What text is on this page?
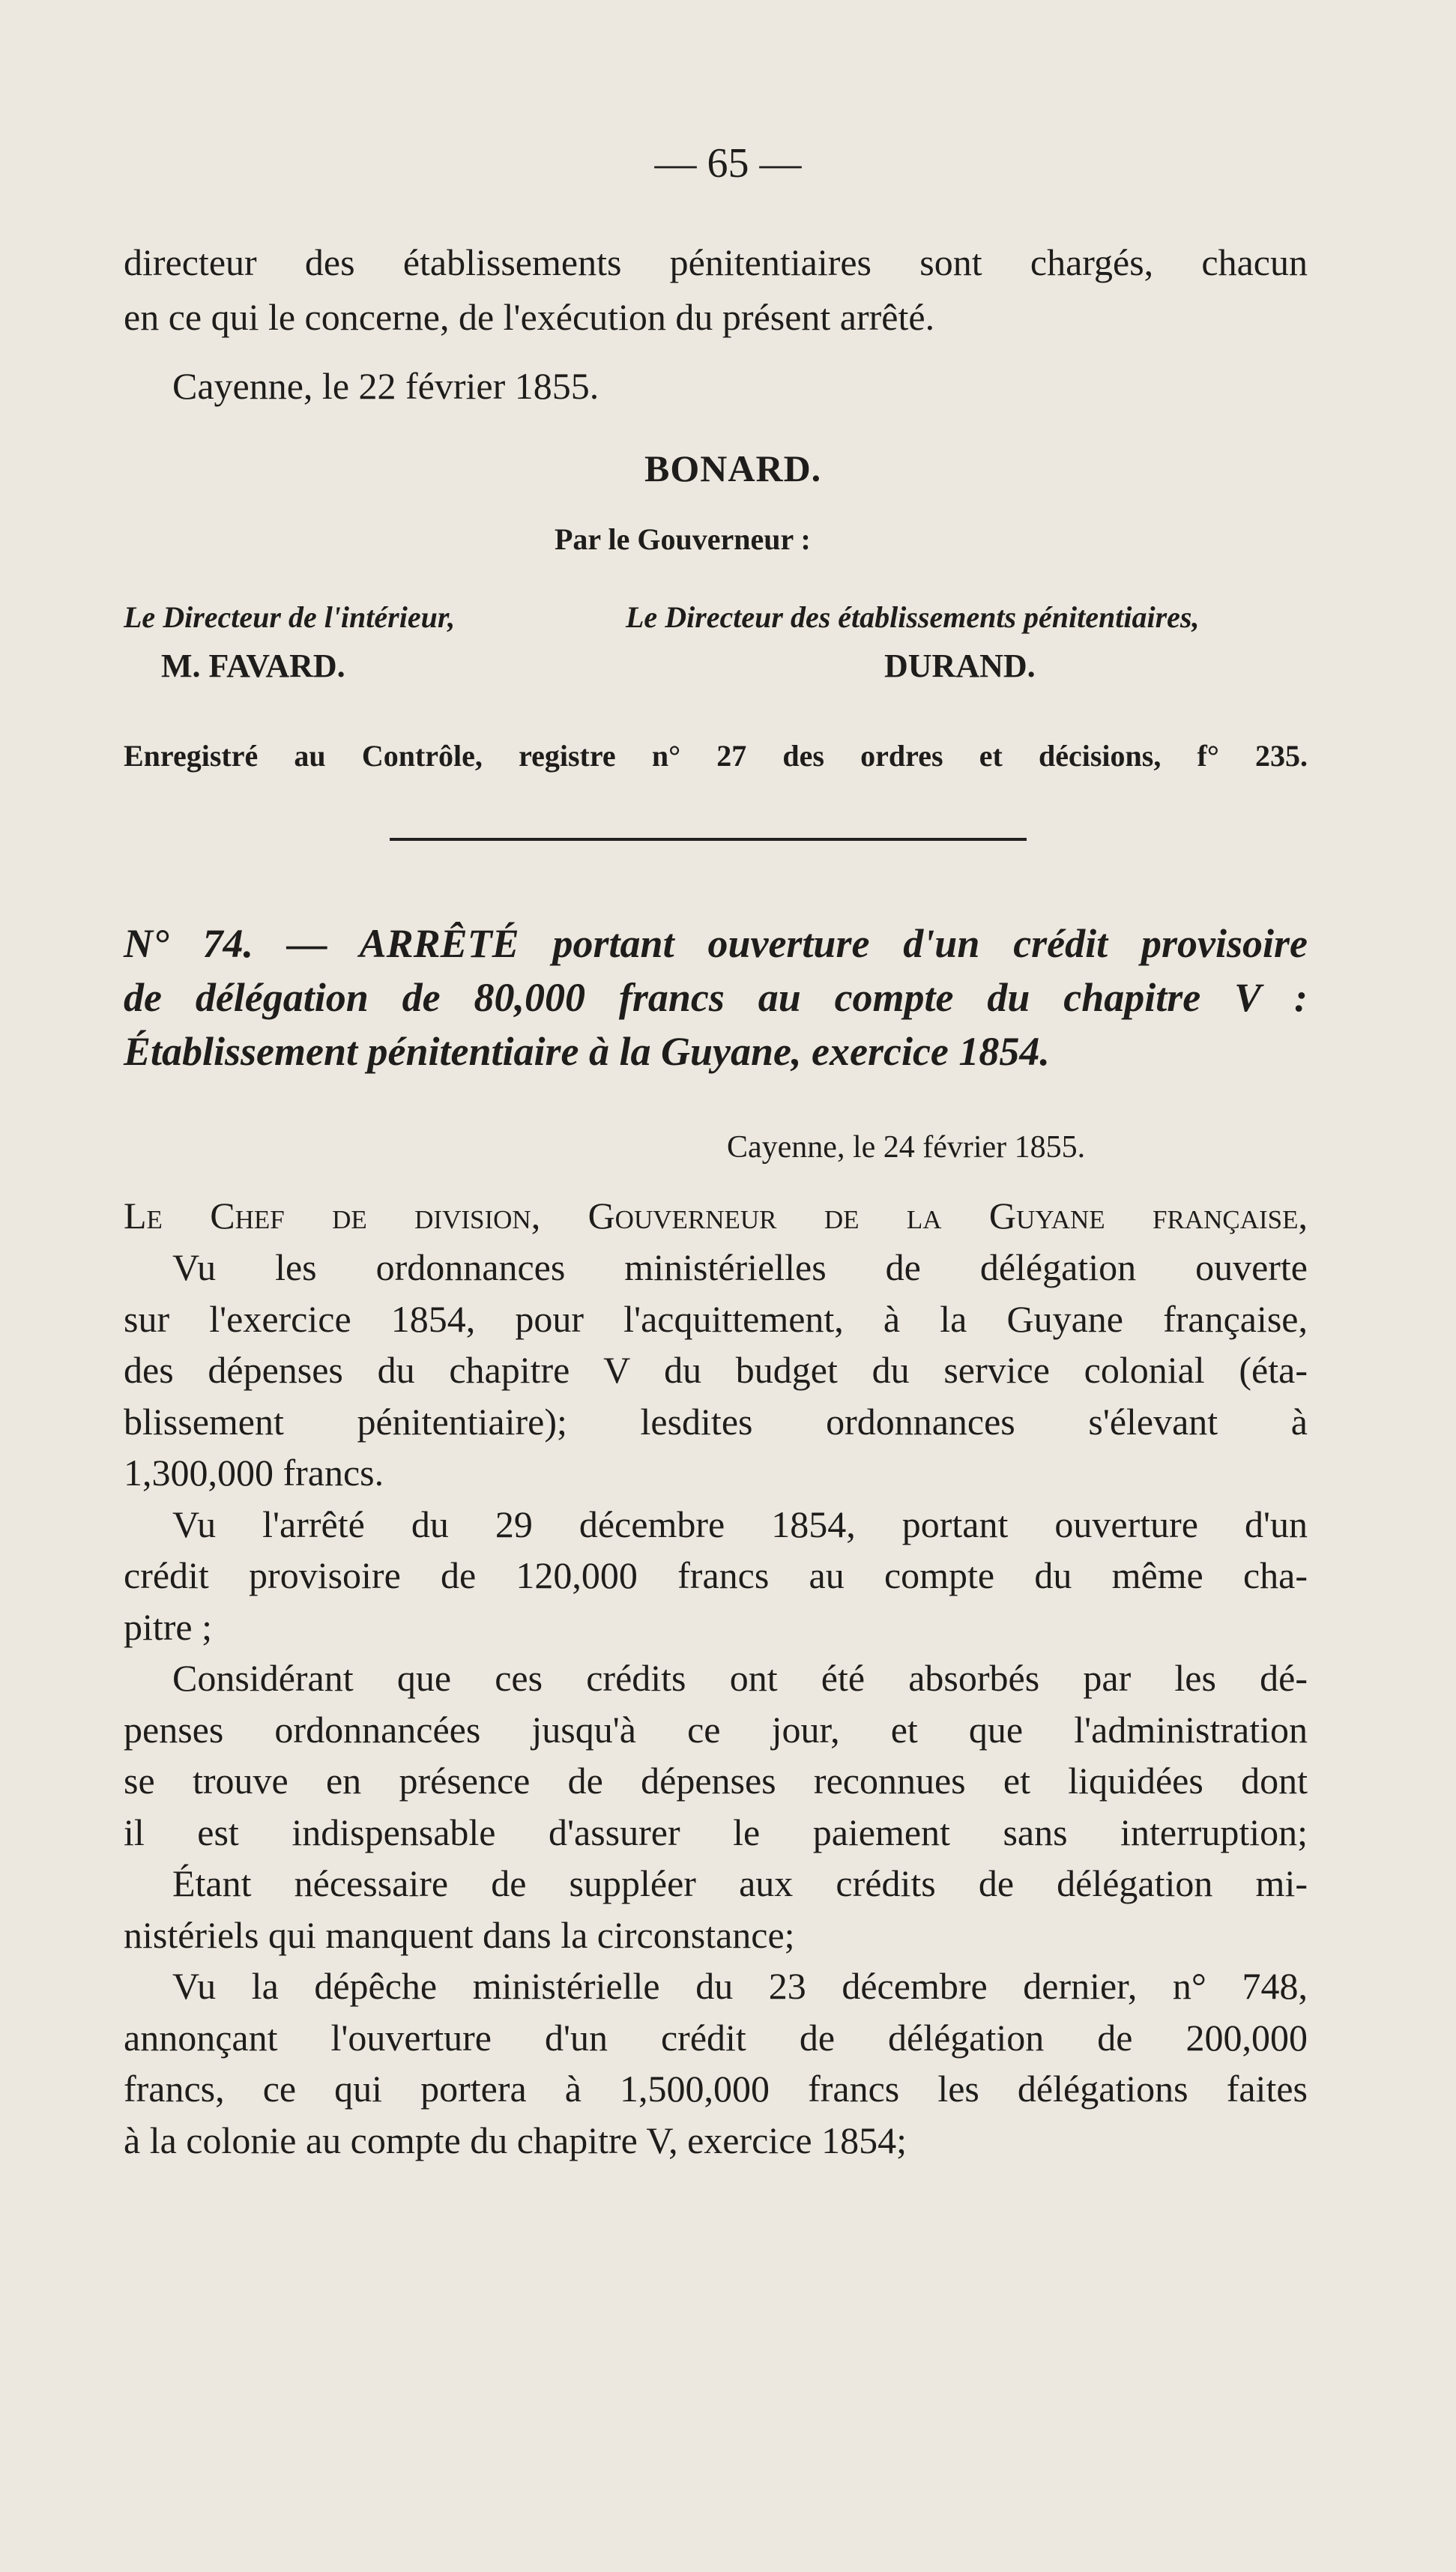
— 65 —
directeur des établissements pénitentiaires sont chargés, chacun
en ce qui le concerne, de l'exécution du présent arrêté.
Cayenne, le 22 février 1855.
BONARD.
Par le Gouverneur :
Le Directeur de l'intérieur,	Le Directeur des établissements pénitentiaires,
M. FAVARD.	DURAND.
Enregistré au Contrôle, registre n° 27 des ordres et décisions, f° 235.
N° 74. — ARRÊTÉ portant ouverture d'un crédit provisoire
de délégation de 80,000 francs au compte du chapitre V :
Établissement pénitentiaire à la Guyane, exercice 1854.
Cayenne, le 24 février 1855.
Le Chef de division, Gouverneur de la Guyane française,
Vu les ordonnances ministérielles de délégation ouverte
sur l'exercice 1854, pour l'acquittement, à la Guyane française,
des dépenses du chapitre V du budget du service colonial (éta-
blissement pénitentiaire); lesdites ordonnances s'élevant à
1,300,000 francs.
Vu l'arrêté du 29 décembre 1854, portant ouverture d'un
crédit provisoire de 120,000 francs au compte du même cha-
pitre ;
Considérant que ces crédits ont été absorbés par les dé-
penses ordonnancées jusqu'à ce jour, et que l'administration
se trouve en présence de dépenses reconnues et liquidées dont
il est indispensable d'assurer le paiement sans interruption;
Étant nécessaire de suppléer aux crédits de délégation mi-
nistériels qui manquent dans la circonstance;
Vu la dépêche ministérielle du 23 décembre dernier, n° 748,
annonçant l'ouverture d'un crédit de délégation de 200,000
francs, ce qui portera à 1,500,000 francs les délégations faites
à la colonie au compte du chapitre V, exercice 1854;
